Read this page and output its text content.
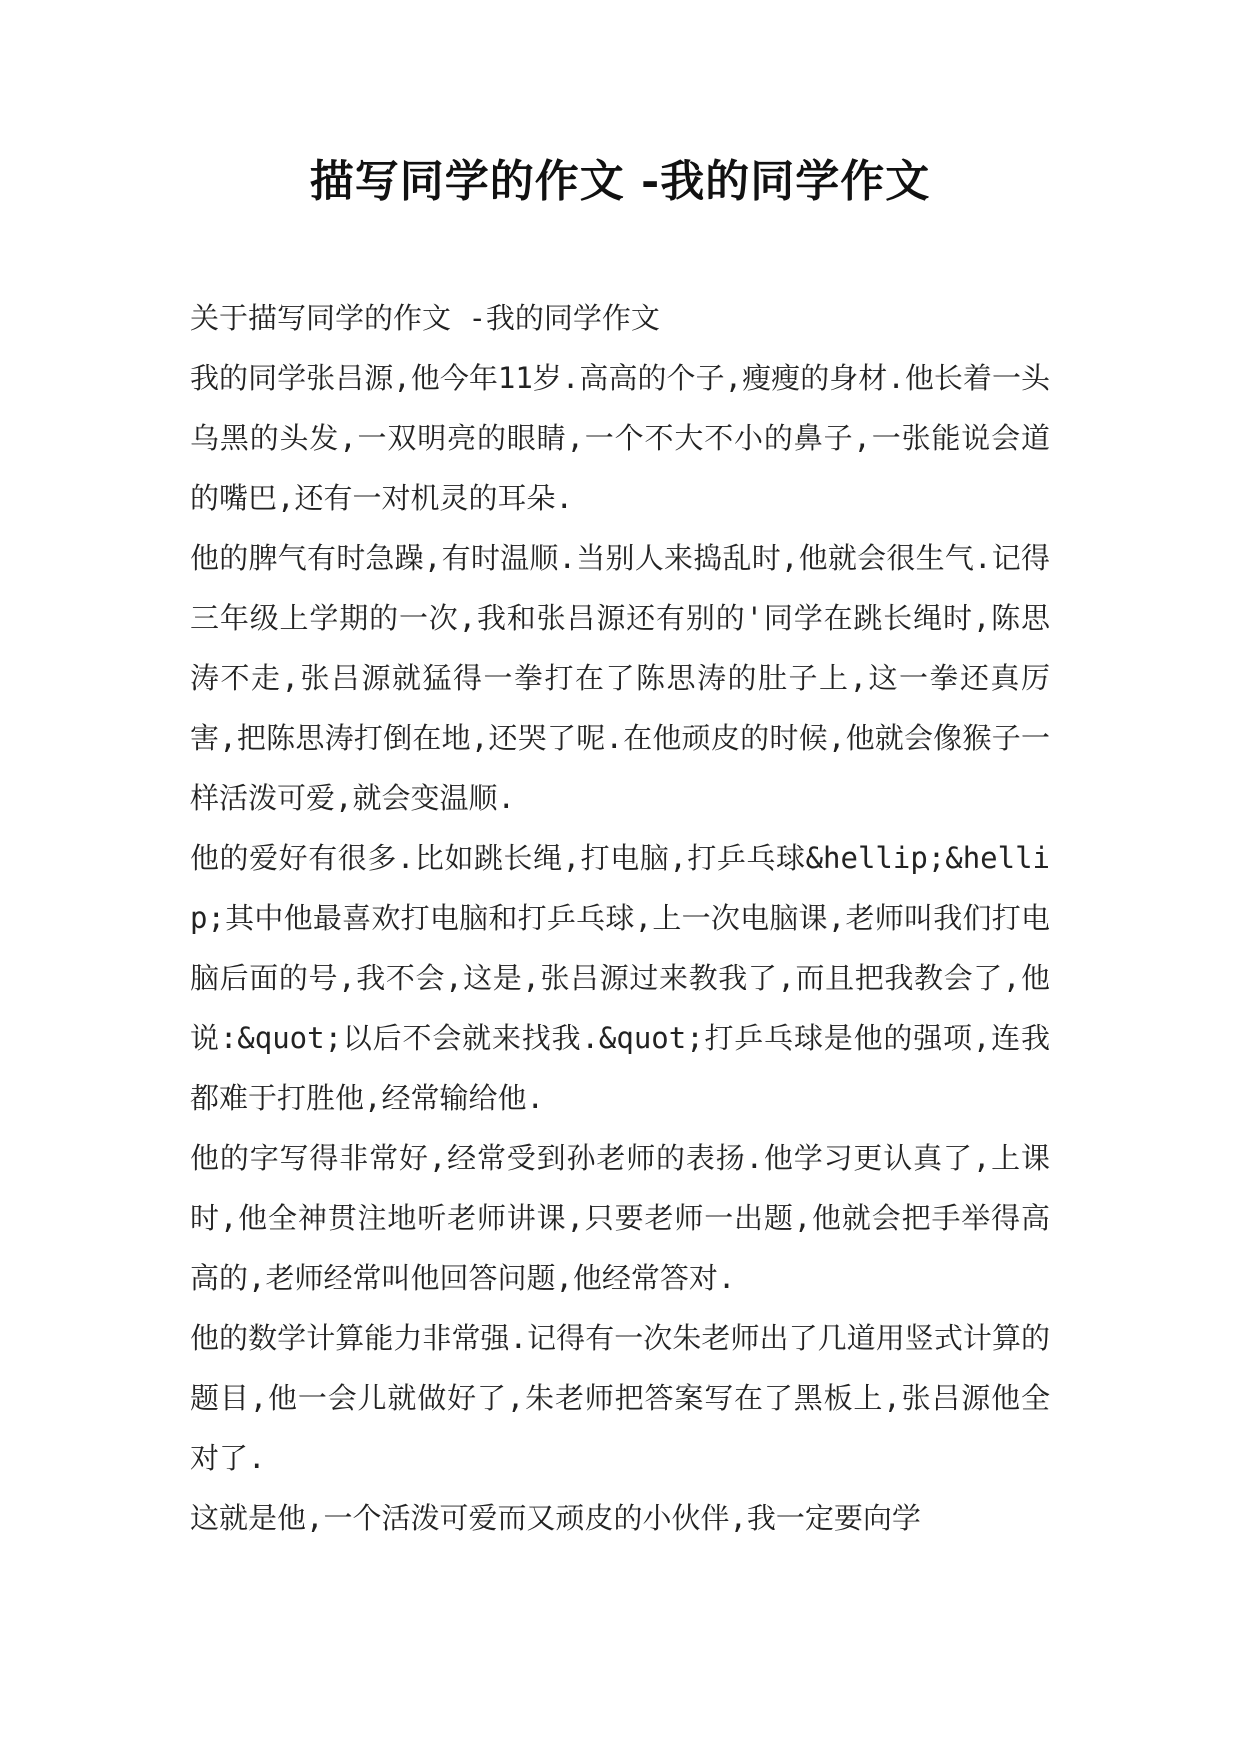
描写同学的作文 -我的同学作文

关于描写同学的作文 -我的同学作文

我的同学张吕源,他今年11岁.高高的个子,瘦瘦的身材.他长着一头乌黑的头发,一双明亮的眼睛,一个不大不小的鼻子,一张能说会道的嘴巴,还有一对机灵的耳朵.

他的脾气有时急躁,有时温顺.当别人来捣乱时,他就会很生气.记得三年级上学期的一次,我和张吕源还有别的'同学在跳长绳时,陈思涛不走,张吕源就猛得一拳打在了陈思涛的肚子上,这一拳还真厉害,把陈思涛打倒在地,还哭了呢.在他顽皮的时候,他就会像猴子一样活泼可爱,就会变温顺.

他的爱好有很多.比如跳长绳,打电脑,打乒乓球&hellip;&hellip;其中他最喜欢打电脑和打乒乓球,上一次电脑课,老师叫我们打电脑后面的号,我不会,这是,张吕源过来教我了,而且把我教会了,他说:&quot;以后不会就来找我.&quot;打乒乓球是他的强项,连我都难于打胜他,经常输给他.

他的字写得非常好,经常受到孙老师的表扬.他学习更认真了,上课时,他全神贯注地听老师讲课,只要老师一出题,他就会把手举得高高的,老师经常叫他回答问题,他经常答对.

他的数学计算能力非常强.记得有一次朱老师出了几道用竖式计算的题目,他一会儿就做好了,朱老师把答案写在了黑板上,张吕源他全对了.

这就是他,一个活泼可爱而又顽皮的小伙伴,我一定要向学
